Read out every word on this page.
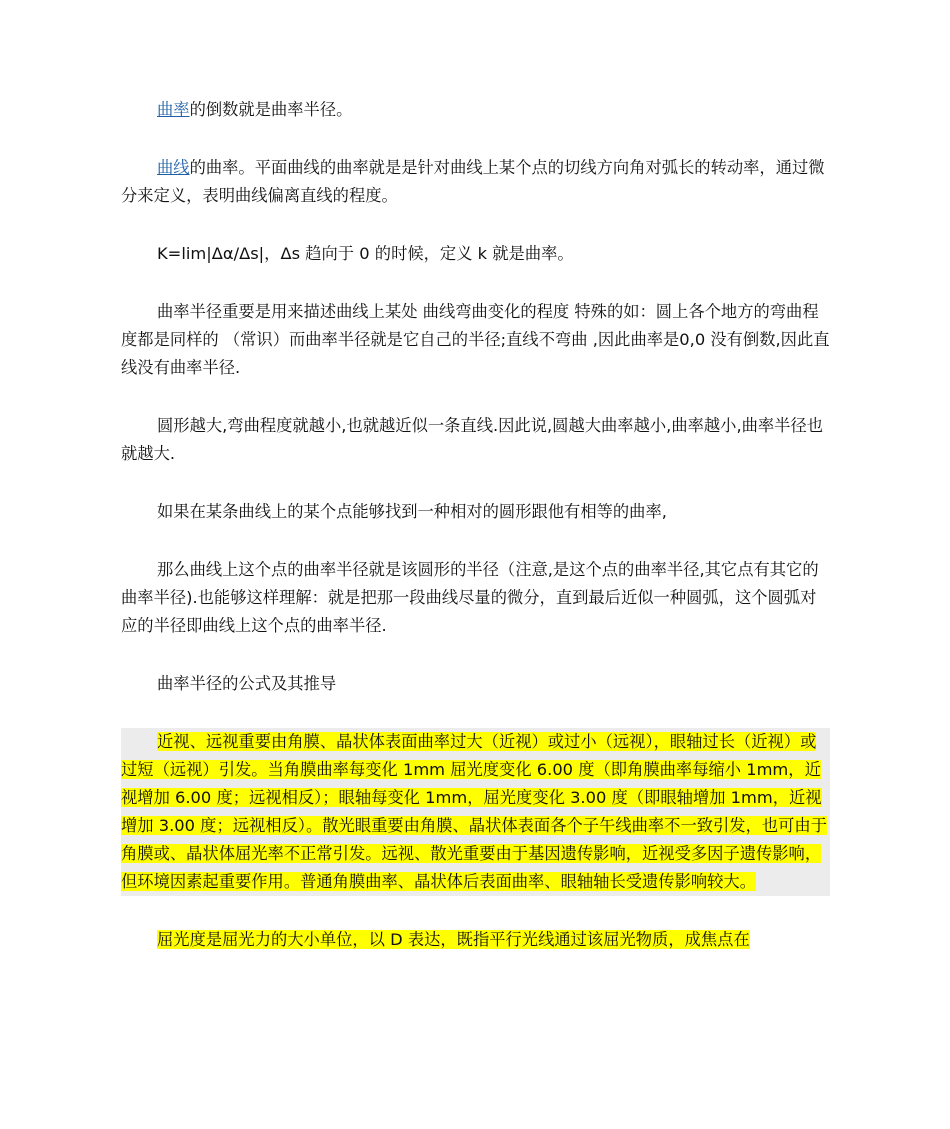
曲率的倒数就是曲率半径。

曲线的曲率。平面曲线的曲率就是是针对曲线上某个点的切线方向角对弧长的转动率，通过微分来定义，表明曲线偏离直线的程度。

K=lim|Δα/Δs|，Δs 趋向于 0 的时候，定义 k 就是曲率。

曲率半径重要是用来描述曲线上某处 曲线弯曲变化的程度 特殊的如：圆上各个地方的弯曲程度都是同样的 （常识）而曲率半径就是它自己的半径;直线不弯曲 ,因此曲率是0,0 没有倒数,因此直线没有曲率半径.

圆形越大,弯曲程度就越小,也就越近似一条直线.因此说,圆越大曲率越小,曲率越小,曲率半径也就越大.

如果在某条曲线上的某个点能够找到一种相对的圆形跟他有相等的曲率,

那么曲线上这个点的曲率半径就是该圆形的半径（注意,是这个点的曲率半径,其它点有其它的曲率半径).也能够这样理解：就是把那一段曲线尽量的微分，直到最后近似一种圆弧，这个圆弧对应的半径即曲线上这个点的曲率半径.

曲率半径的公式及其推导

近视、远视重要由角膜、晶状体表面曲率过大（近视）或过小（远视），眼轴过长（近视）或过短（远视）引发。当角膜曲率每变化 1mm 屈光度变化 6.00 度（即角膜曲率每缩小 1mm，近视增加 6.00 度；远视相反）；眼轴每变化 1mm，屈光度变化 3.00 度（即眼轴增加 1mm，近视增加 3.00 度；远视相反）。散光眼重要由角膜、晶状体表面各个子午线曲率不一致引发，也可由于角膜或、晶状体屈光率不正常引发。远视、散光重要由于基因遗传影响，近视受多因子遗传影响，但环境因素起重要作用。普通角膜曲率、晶状体后表面曲率、眼轴轴长受遗传影响较大。

屈光度是屈光力的大小单位，以 D 表达，既指平行光线通过该屈光物质，成焦点在
